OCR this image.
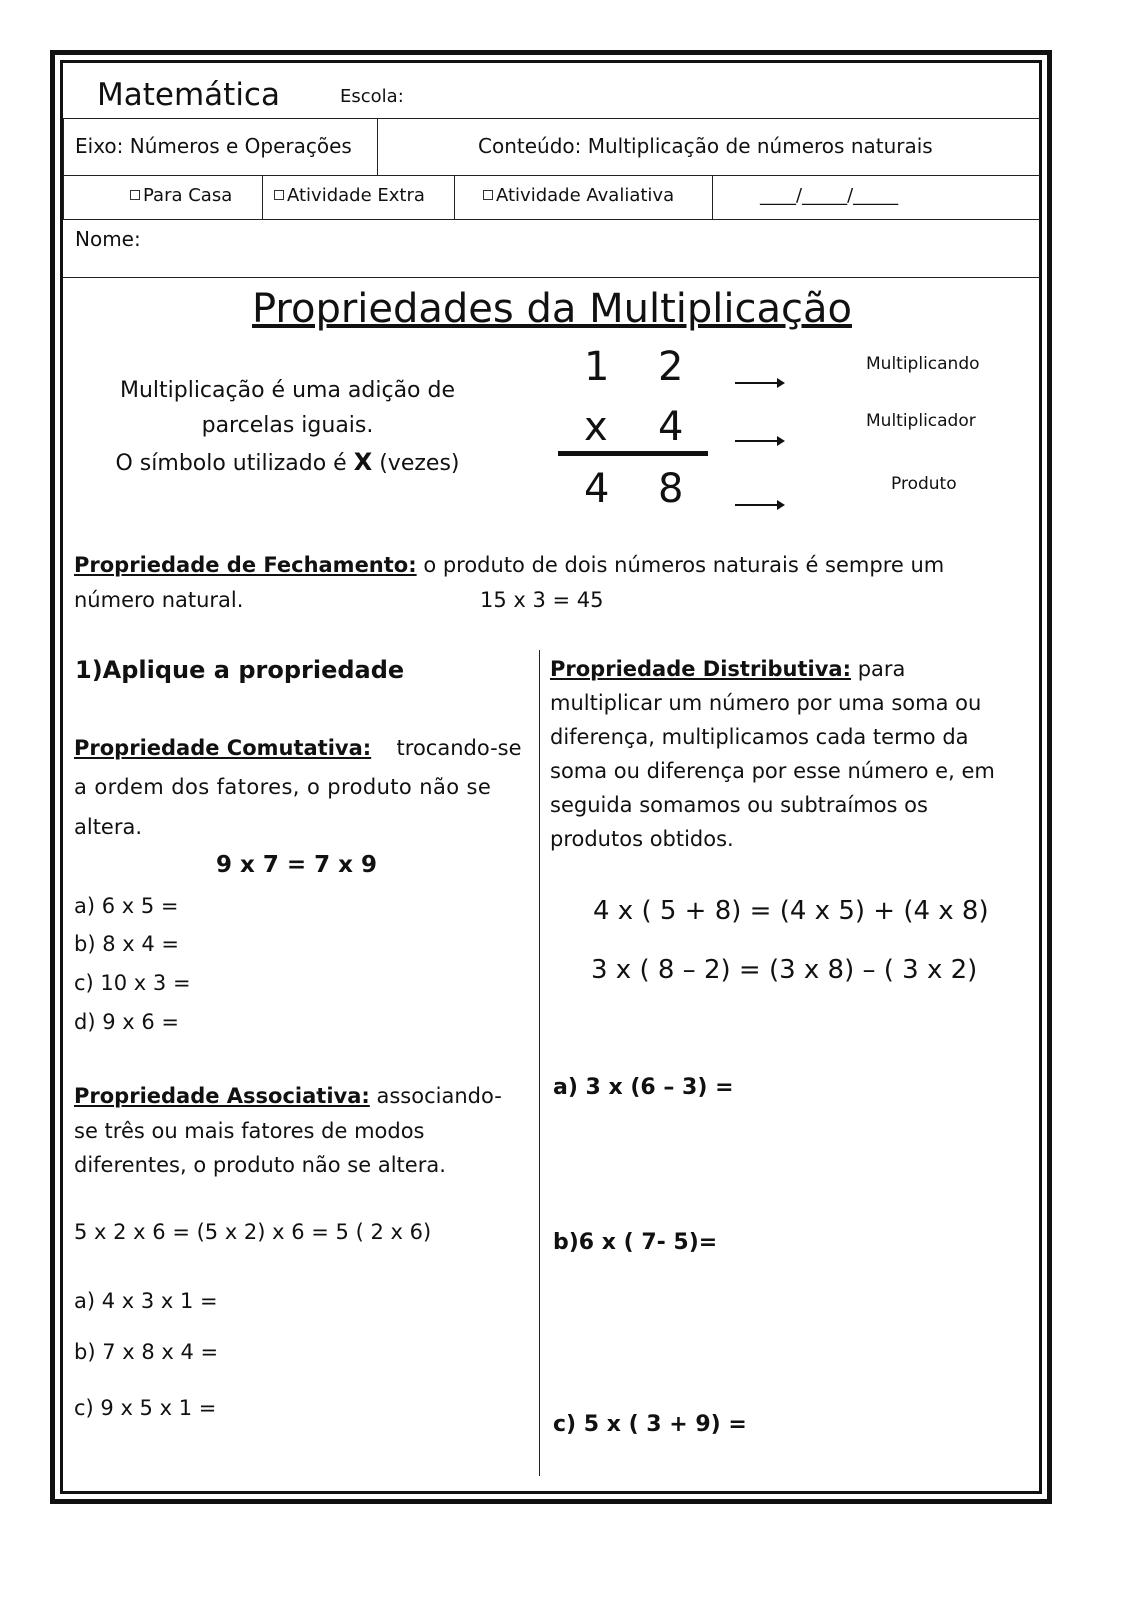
Matemática	Escola:
Eixo: Números e Operações	Conteúdo: Multiplicação de números naturais
Para Casa	Atividade Extra	Atividade Avaliativa	____/_____/_____
Nome:
Propriedades da Multiplicação
Multiplicação é uma adição de
parcelas iguais.
O símbolo utilizado é X (vezes)
1 2
x 4
4 8
Multiplicando
Multiplicador
Produto
Propriedade de Fechamento: o produto de dois números naturais é sempre um
número natural.	15 x 3 = 45
1)Aplique a propriedade
Propriedade Comutativa: trocando-se
a ordem dos fatores, o produto não se
altera.
9 x 7 = 7 x 9
a) 6 x 5 =
b) 8 x 4 =
c) 10 x 3 =
d) 9 x 6 =
Propriedade Associativa: associando-
se três ou mais fatores de modos
diferentes, o produto não se altera.
5 x 2 x 6 = (5 x 2) x 6 = 5 ( 2 x 6)
a) 4 x 3 x 1 =
b) 7 x 8 x 4 =
c) 9 x 5 x 1 =
Propriedade Distributiva: para
multiplicar um número por uma soma ou
diferença, multiplicamos cada termo da
soma ou diferença por esse número e, em
seguida somamos ou subtraímos os
produtos obtidos.
4 x ( 5 + 8) = (4 x 5) + (4 x 8)
3 x ( 8 – 2) = (3 x 8) – ( 3 x 2)
a) 3 x (6 – 3) =
b)6 x ( 7- 5)=
c) 5 x ( 3 + 9) =
